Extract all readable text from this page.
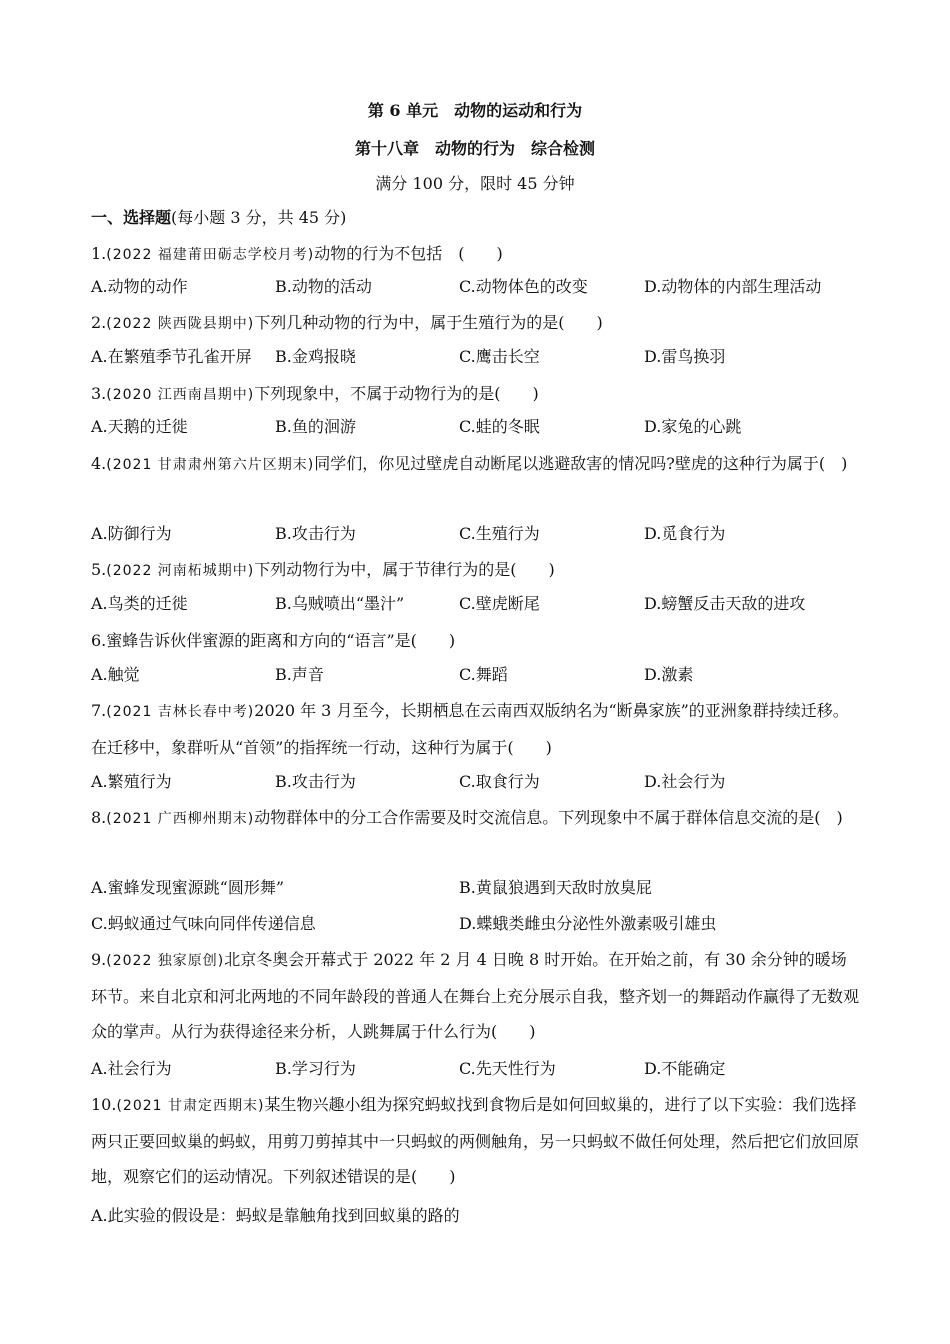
第 6 单元　动物的运动和行为
第十八章　动物的行为　综合检测
满分 100 分，限时 45 分钟
一、选择题(每小题 3 分，共 45 分)
1.(2022 福建莆田砺志学校月考)动物的行为不包括　(　　)
A.动物的动作	B.动物的活动	C.动物体色的改变	D.动物体的内部生理活动
2.(2022 陕西陇县期中)下列几种动物的行为中，属于生殖行为的是(　　)
A.在繁殖季节孔雀开屏 B.金鸡报晓	C.鹰击长空	D.雷鸟换羽
3.(2020 江西南昌期中)下列现象中，不属于动物行为的是(　　)
A.天鹅的迁徙	B.鱼的洄游	C.蛙的冬眠	D.家兔的心跳
4.(2021 甘肃肃州第六片区期末)同学们，你见过壁虎自动断尾以逃避敌害的情况吗?壁虎的这种行为属于(　)
A.防御行为	B.攻击行为	C.生殖行为	D.觅食行为
5.(2022 河南柘城期中)下列动物行为中，属于节律行为的是(　　)
A.鸟类的迁徙	B.乌贼喷出“墨汁”	C.壁虎断尾	D.螃蟹反击天敌的进攻
6.蜜蜂告诉伙伴蜜源的距离和方向的“语言”是(　　)
A.触觉	B.声音	C.舞蹈	D.激素
7.(2021 吉林长春中考)2020 年 3 月至今，长期栖息在云南西双版纳名为“断鼻家族”的亚洲象群持续迁移。在迁移中，象群听从“首领”的指挥统一行动，这种行为属于(　　)
A.繁殖行为	B.攻击行为	C.取食行为	D.社会行为
8.(2021 广西柳州期末)动物群体中的分工合作需要及时交流信息。下列现象中不属于群体信息交流的是(　)
A.蜜蜂发现蜜源跳“圆形舞”	B.黄鼠狼遇到天敌时放臭屁
C.蚂蚁通过气味向同伴传递信息	D.蝶蛾类雌虫分泌性外激素吸引雄虫
9.(2022 独家原创)北京冬奥会开幕式于 2022 年 2 月 4 日晚 8 时开始。在开始之前，有 30 余分钟的暖场环节。来自北京和河北两地的不同年龄段的普通人在舞台上充分展示自我，整齐划一的舞蹈动作赢得了无数观众的掌声。从行为获得途径来分析，人跳舞属于什么行为(　　)
A.社会行为	B.学习行为	C.先天性行为	D.不能确定
10.(2021 甘肃定西期末)某生物兴趣小组为探究蚂蚁找到食物后是如何回蚁巢的，进行了以下实验：我们选择两只正要回蚁巢的蚂蚁，用剪刀剪掉其中一只蚂蚁的两侧触角，另一只蚂蚁不做任何处理，然后把它们放回原地，观察它们的运动情况。下列叙述错误的是(　　)
A.此实验的假设是：蚂蚁是靠触角找到回蚁巢的路的
